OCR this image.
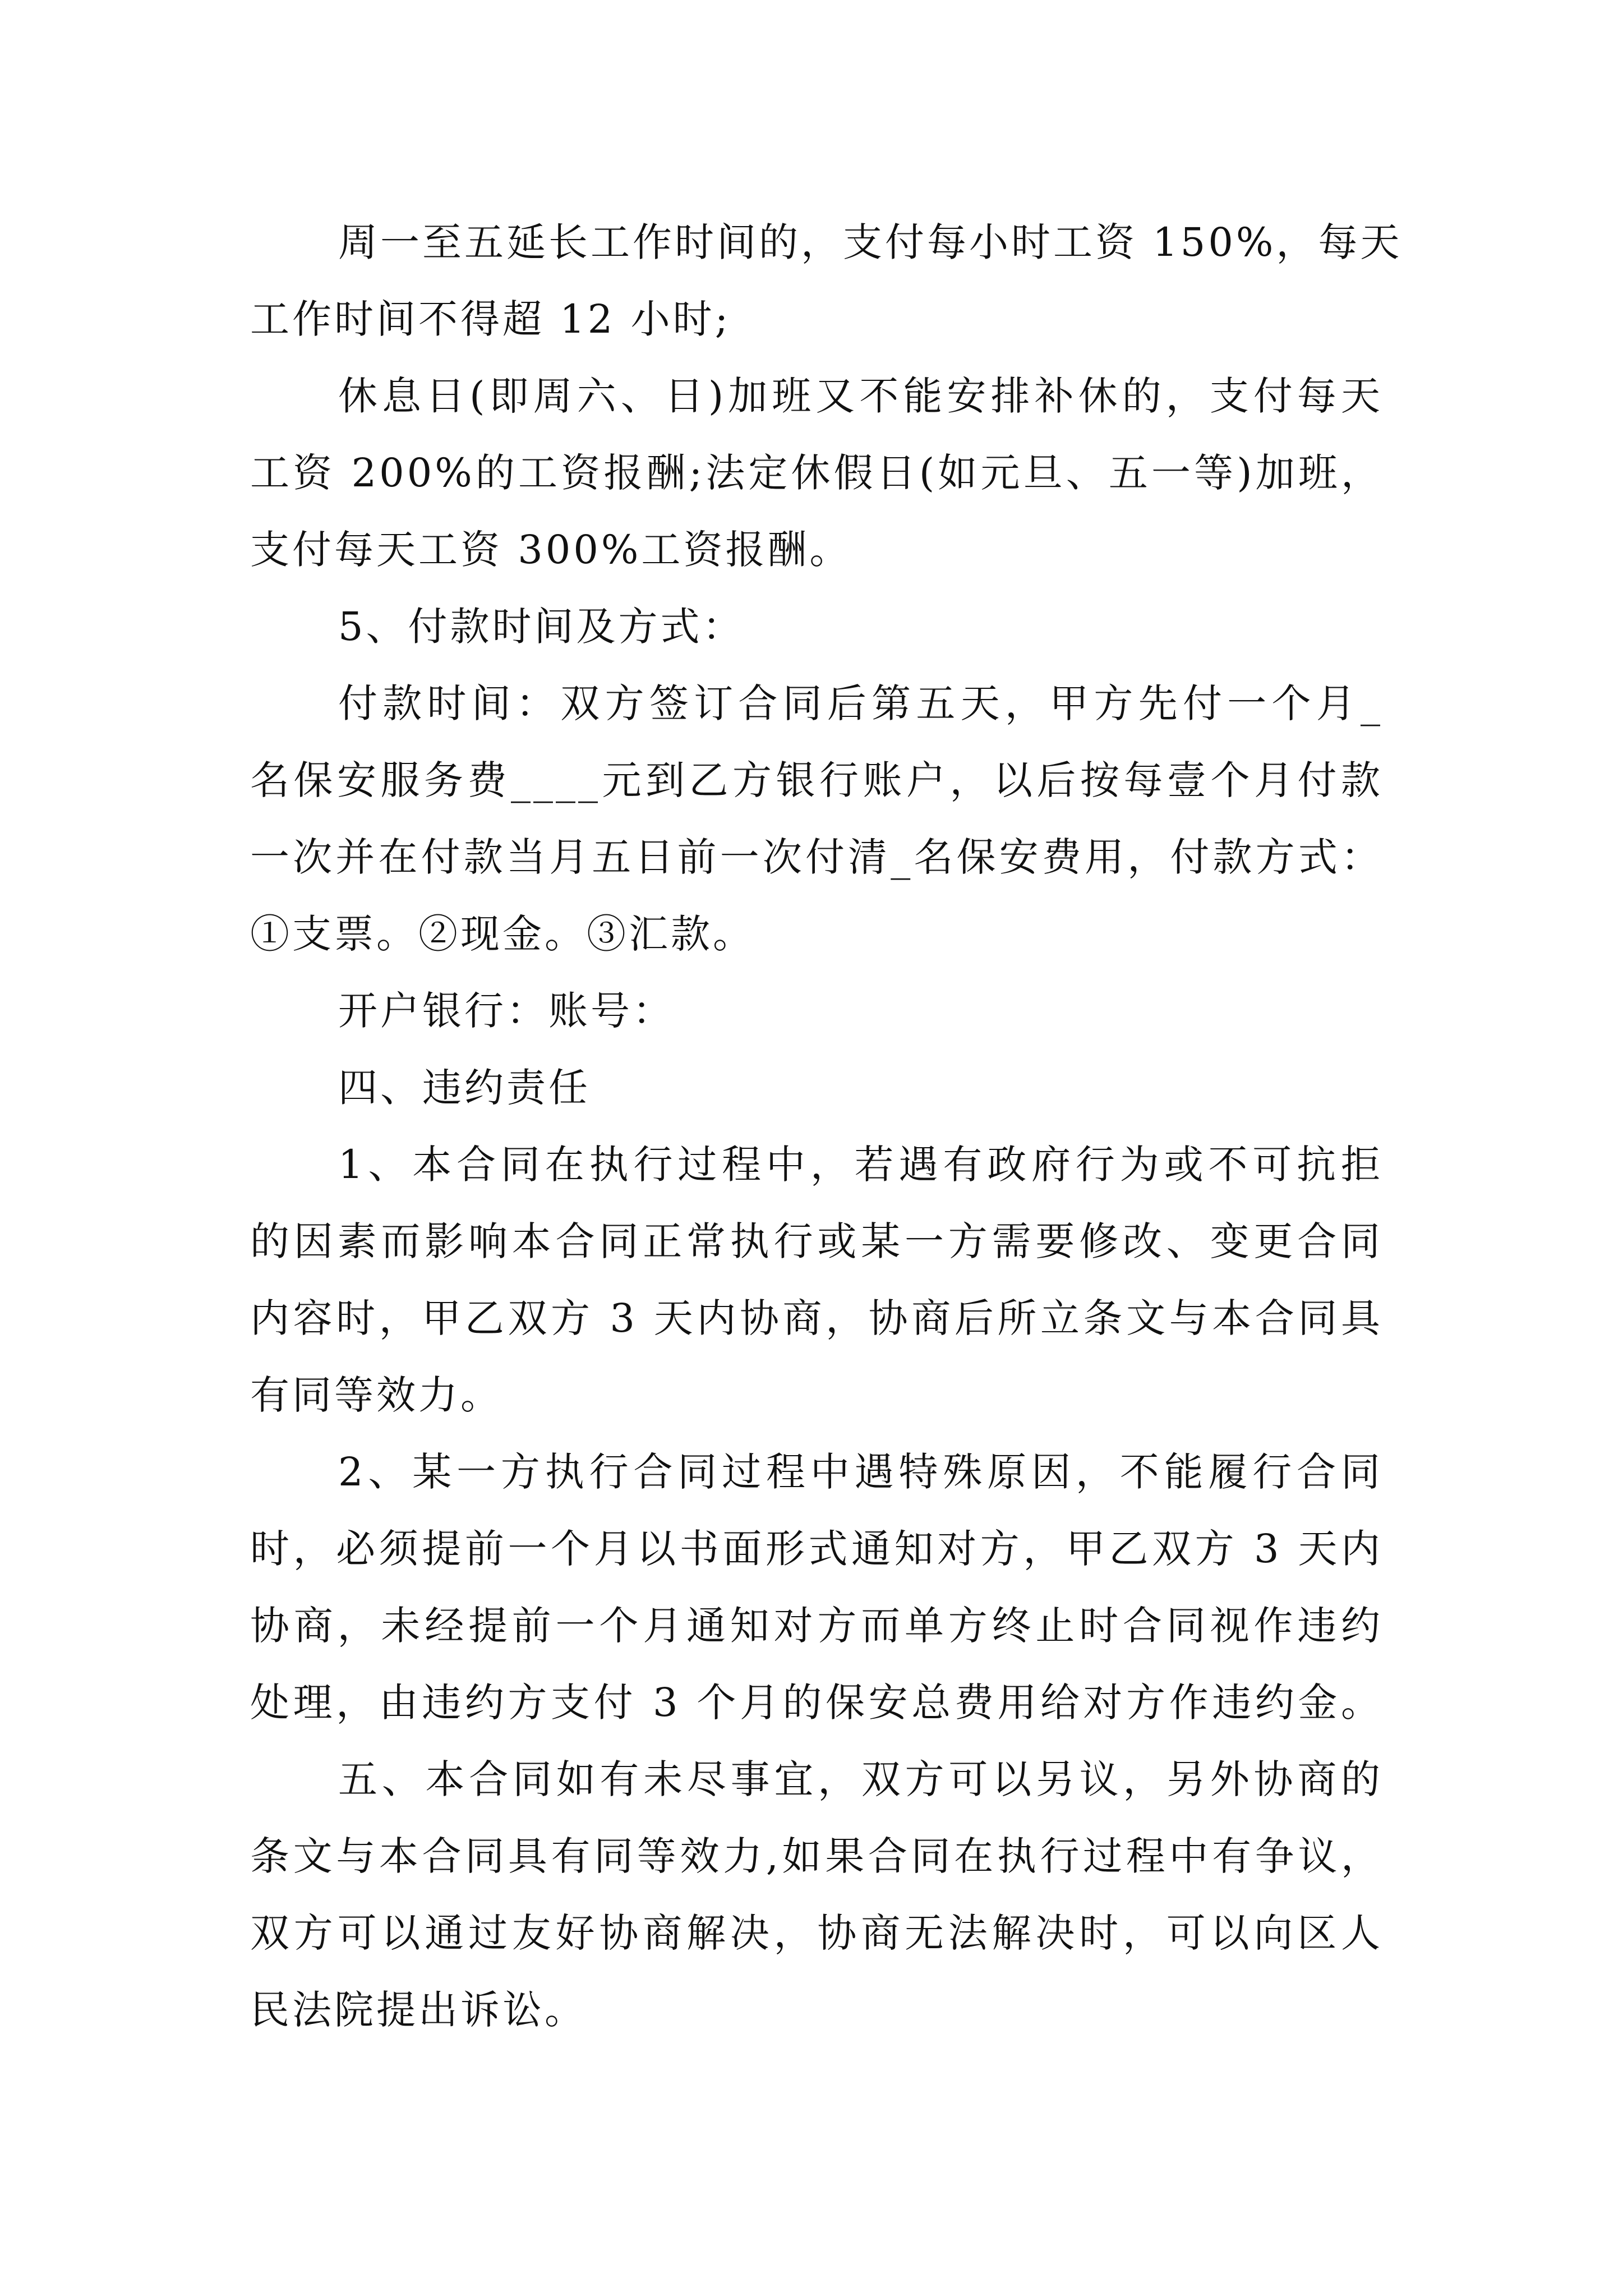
周一至五延长工作时间的，支付每小时工资 150%，每天
工作时间不得超 12 小时;
休息日(即周六、日)加班又不能安排补休的，支付每天
工资 200%的工资报酬;法定休假日(如元旦、五一等)加班，
支付每天工资 300%工资报酬。
5、付款时间及方式：
付款时间：双方签订合同后第五天，甲方先付一个月_
名保安服务费____元到乙方银行账户，以后按每壹个月付款
一次并在付款当月五日前一次付清_名保安费用，付款方式：
①支票。②现金。③汇款。
开户银行：账号：
四、违约责任
1、本合同在执行过程中，若遇有政府行为或不可抗拒
的因素而影响本合同正常执行或某一方需要修改、变更合同
内容时，甲乙双方 3 天内协商，协商后所立条文与本合同具
有同等效力。
2、某一方执行合同过程中遇特殊原因，不能履行合同
时，必须提前一个月以书面形式通知对方，甲乙双方 3 天内
协商，未经提前一个月通知对方而单方终止时合同视作违约
处理，由违约方支付 3 个月的保安总费用给对方作违约金。
五、本合同如有未尽事宜，双方可以另议，另外协商的
条文与本合同具有同等效力,如果合同在执行过程中有争议，
双方可以通过友好协商解决，协商无法解决时，可以向区人
民法院提出诉讼。
